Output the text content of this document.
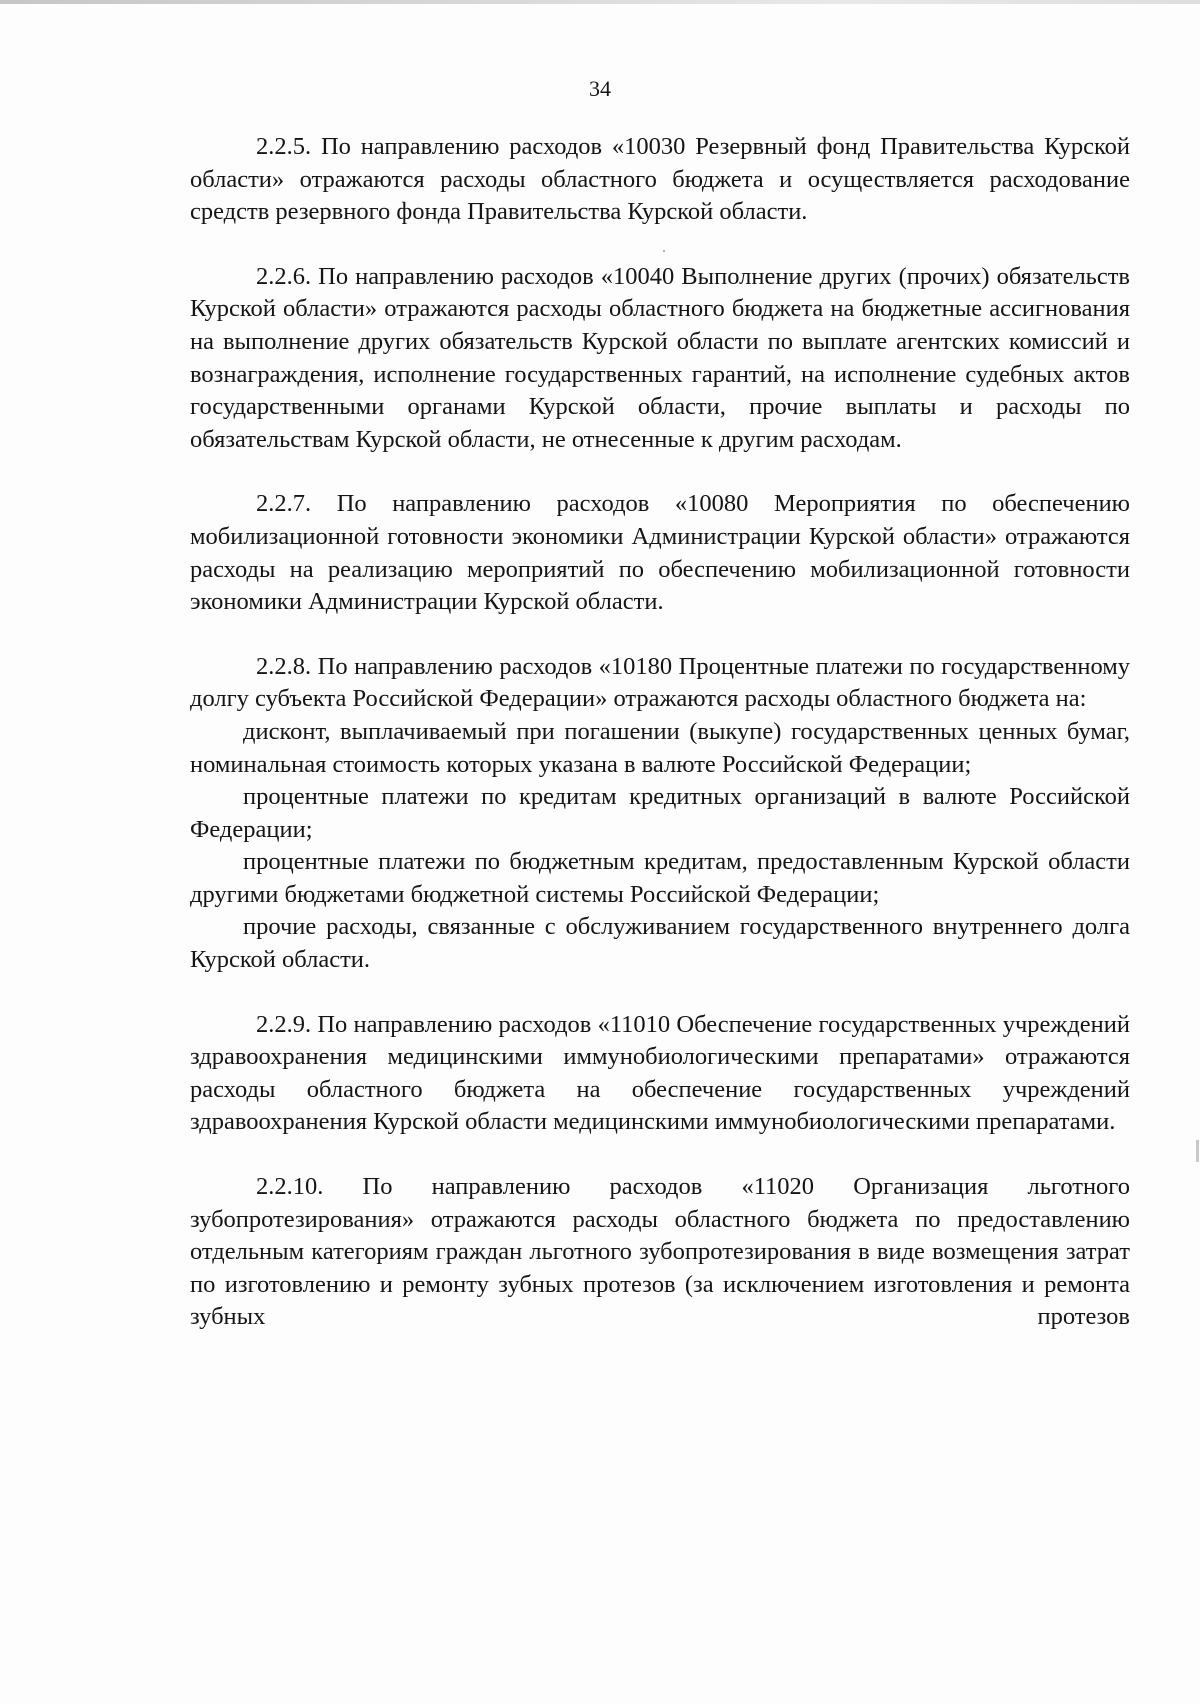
34

2.2.5. По направлению расходов «10030 Резервный фонд Правительства Курской области» отражаются расходы областного бюджета и осуществляется расходование средств резервного фонда Правительства Курской области.

2.2.6. По направлению расходов «10040 Выполнение других (прочих) обязательств Курской области» отражаются расходы областного бюджета на бюджетные ассигнования на выполнение других обязательств Курской области по выплате агентских комиссий и вознаграждения, исполнение государственных гарантий, на исполнение судебных актов государственными органами Курской области, прочие выплаты и расходы по обязательствам Курской области, не отнесенные к другим расходам.

2.2.7. По направлению расходов «10080 Мероприятия по обеспечению мобилизационной готовности экономики Администрации Курской области» отражаются расходы на реализацию мероприятий по обеспечению мобилизационной готовности экономики Администрации Курской области.

2.2.8. По направлению расходов «10180 Процентные платежи по государственному долгу субъекта Российской Федерации» отражаются расходы областного бюджета на:

дисконт, выплачиваемый при погашении (выкупе) государственных ценных бумаг, номинальная стоимость которых указана в валюте Российской Федерации;

процентные платежи по кредитам кредитных организаций в валюте Российской Федерации;

процентные платежи по бюджетным кредитам, предоставленным Курской области другими бюджетами бюджетной системы Российской Федерации;

прочие расходы, связанные с обслуживанием государственного внутреннего долга Курской области.

2.2.9. По направлению расходов «11010 Обеспечение государственных учреждений здравоохранения медицинскими иммунобиологическими препаратами» отражаются расходы областного бюджета на обеспечение государственных учреждений здравоохранения Курской области медицинскими иммунобиологическими препаратами.

2.2.10. По направлению расходов «11020 Организация льготного зубопротезирования» отражаются расходы областного бюджета по предоставлению отдельным категориям граждан льготного зубопротезирования в виде возмещения затрат по изготовлению и ремонту зубных протезов (за исключением изготовления и ремонта зубных протезов
